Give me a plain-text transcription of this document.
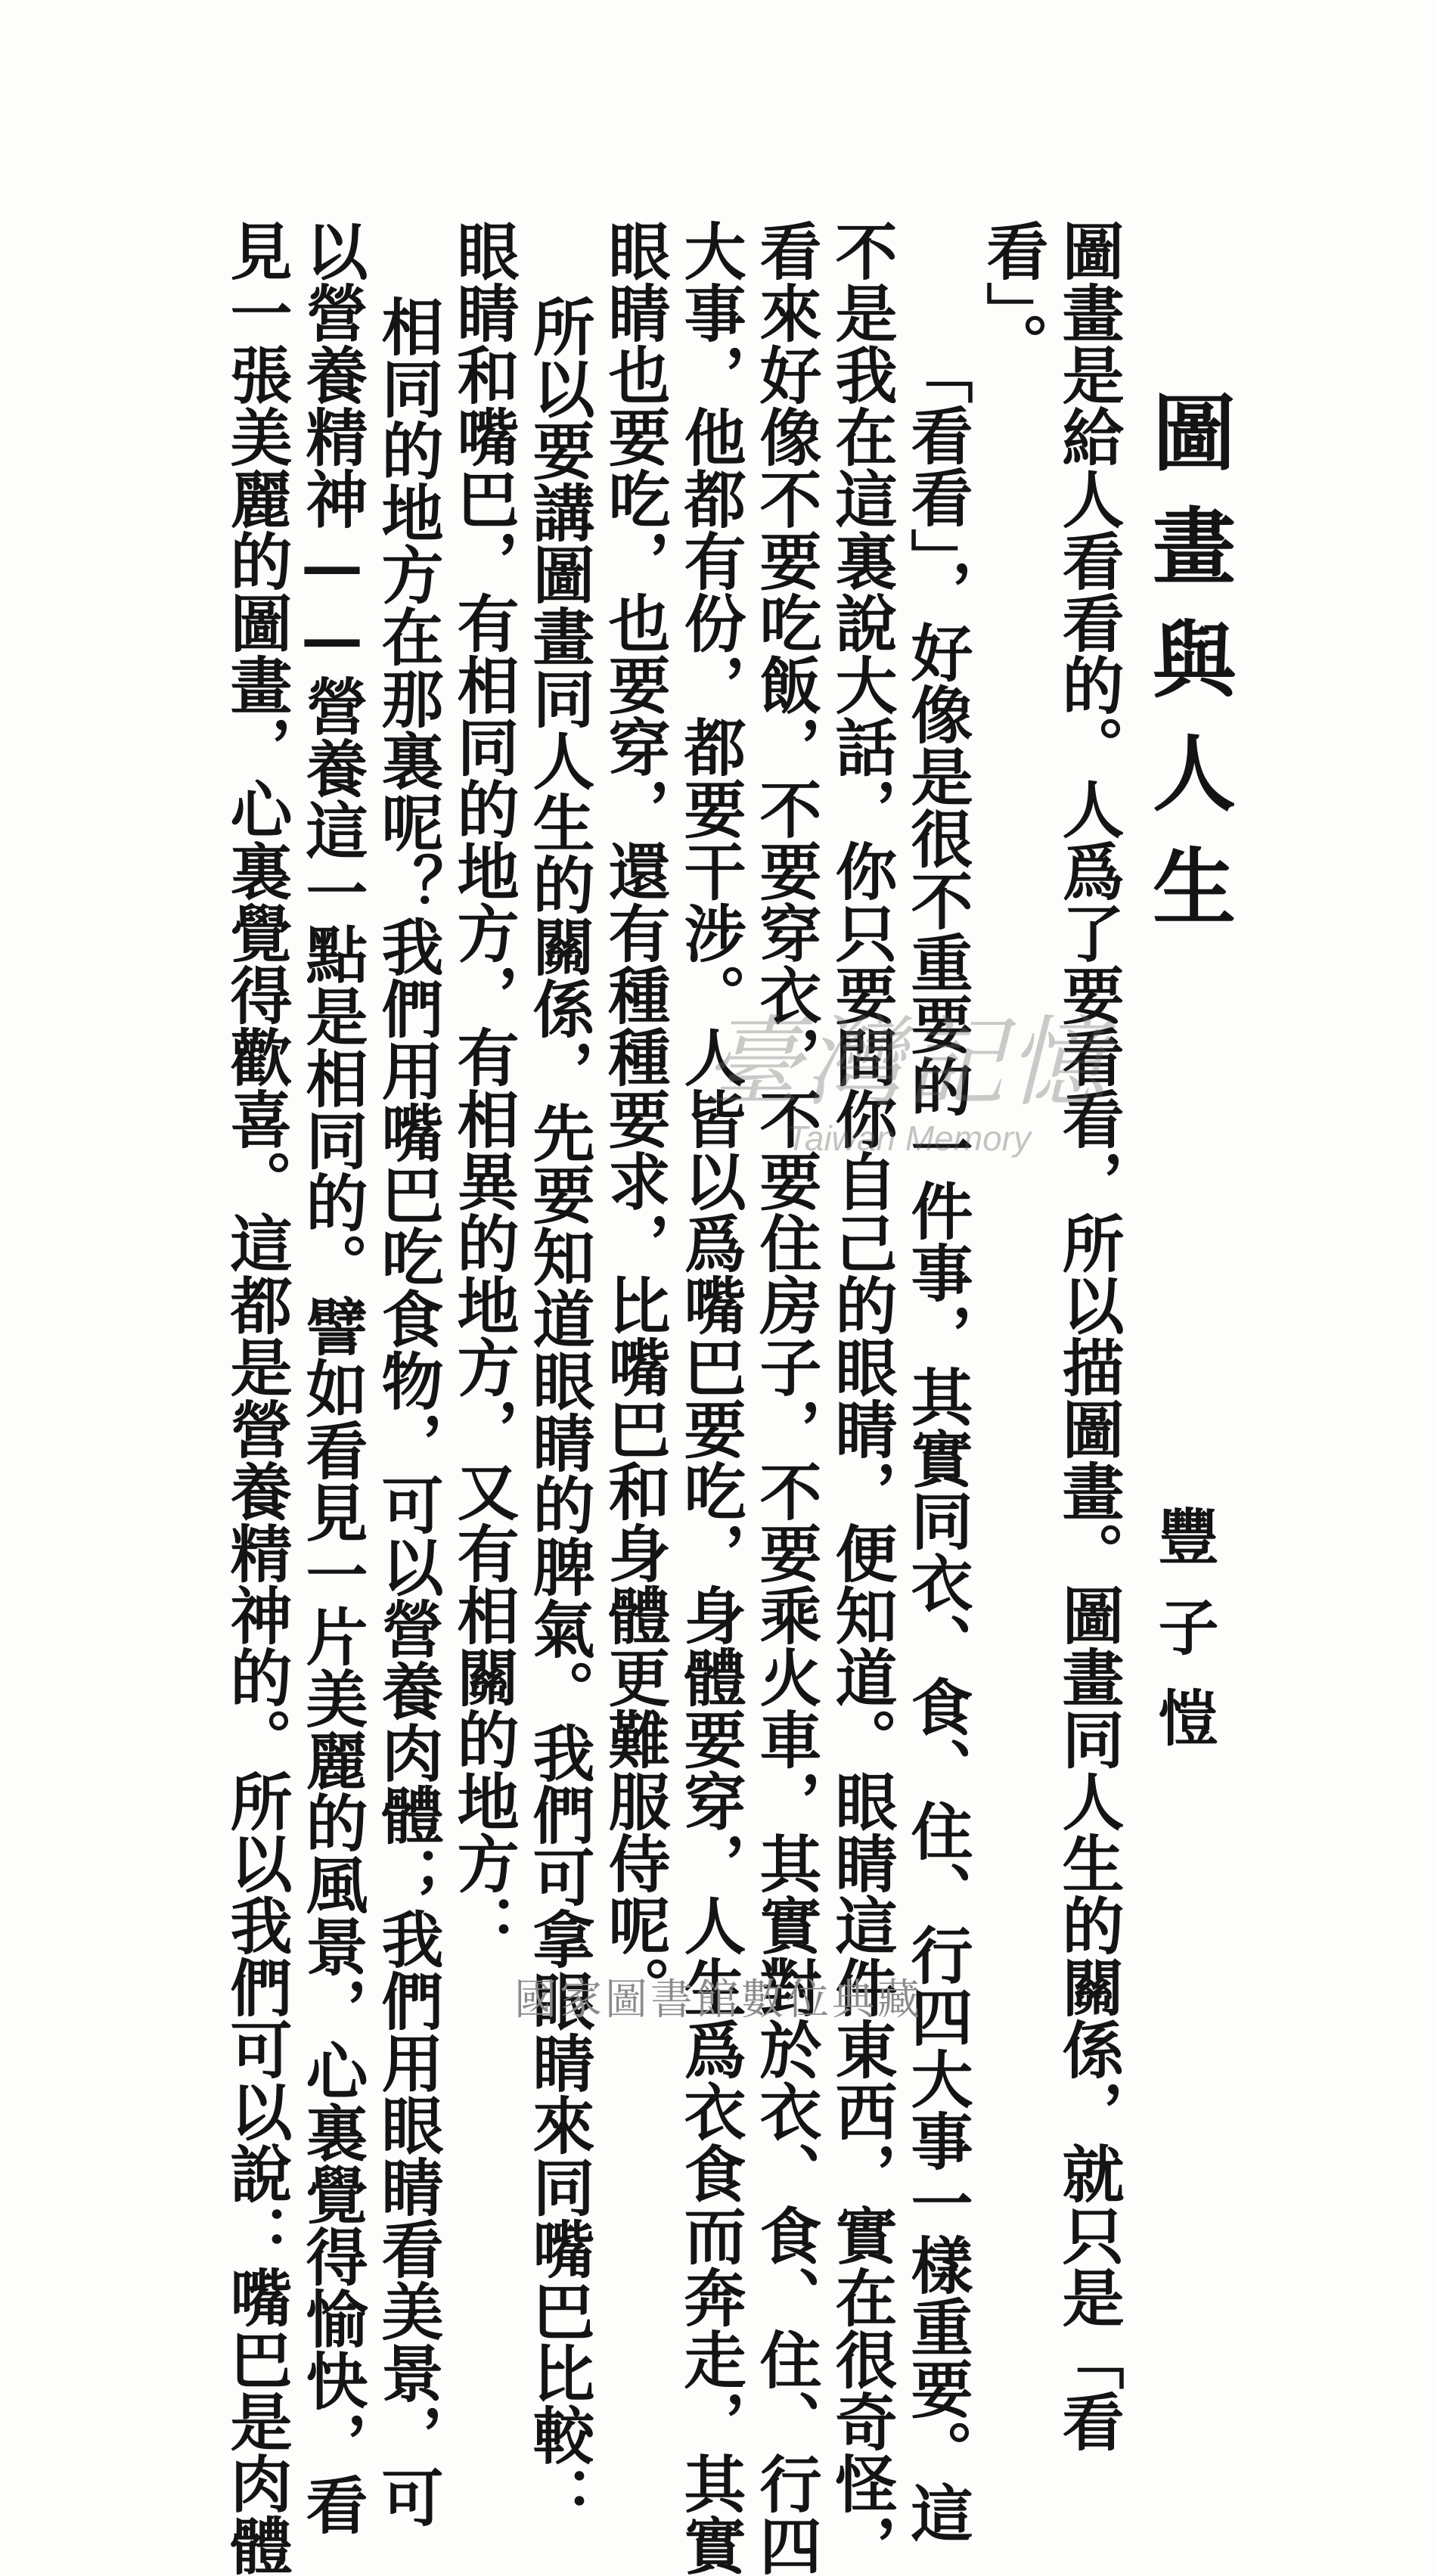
圖畫與人生
豐子愷
圖畫是給人看看的。人爲了要看看，所以描圖畫。圖畫同人生的關係，就只是「看
看」。
「看看」，好像是很不重要的一件事，其實同衣、食、住、行四大事一樣重要。這
不是我在這裏說大話，你只要問你自己的眼睛，便知道。眼睛這件東西，實在很奇怪，
看來好像不要吃飯，不要穿衣，不要住房子，不要乘火車，其實對於衣、食、住、行四
大事，他都有份，都要干涉。人皆以爲嘴巴要吃，身體要穿，人生爲衣食而奔走，其實
眼睛也要吃，也要穿，還有種種要求，比嘴巴和身體更難服侍呢。
所以要講圖畫同人生的關係，先要知道眼睛的脾氣。我們可拿眼睛來同嘴巴比較：
眼睛和嘴巴，有相同的地方，有相異的地方，又有相關的地方：
相同的地方在那裏呢？我們用嘴巴吃食物，可以營養肉體；我們用眼睛看美景，可
以營養精神——營養這一點是相同的。譬如看見一片美麗的風景，心裏覺得愉快，看
見一張美麗的圖畫，心裏覺得歡喜。這都是營養精神的。所以我們可以說：嘴巴是肉體	臺灣記憶
Taiwan Memory
國家圖書館數位典藏
